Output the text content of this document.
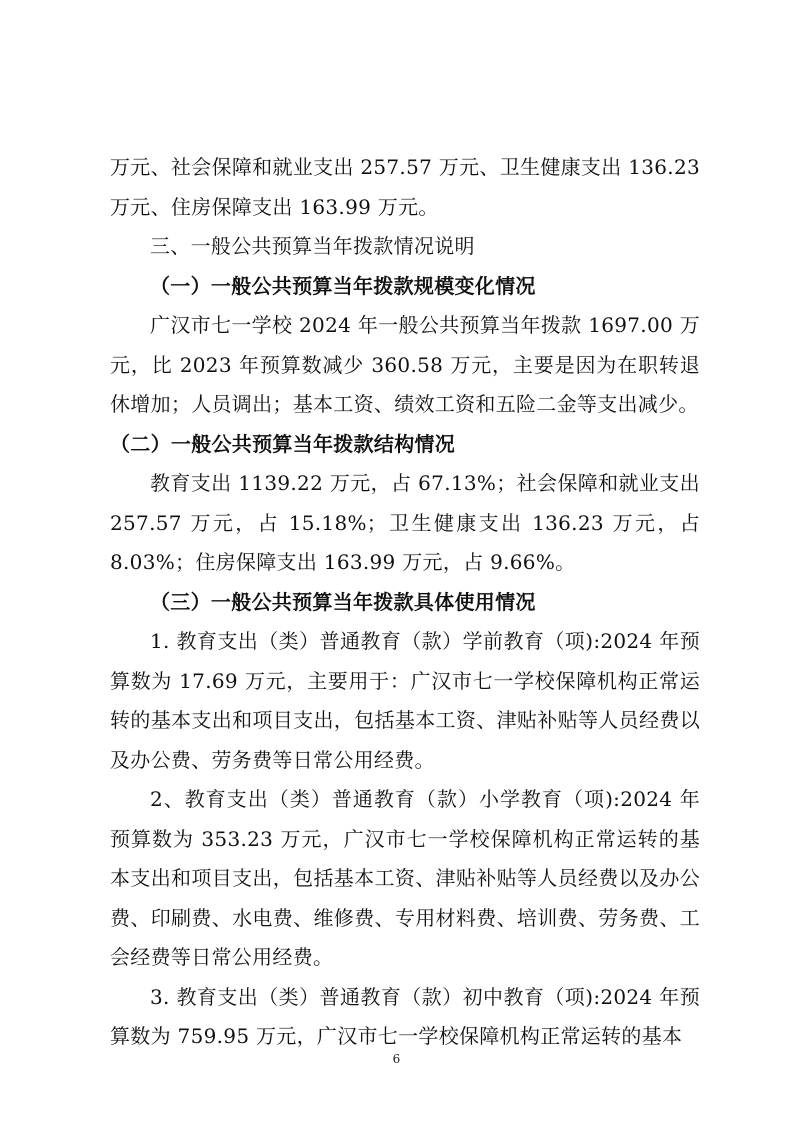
万元、社会保障和就业支出 257.57 万元、卫生健康支出 136.23 万元、住房保障支出 163.99 万元。

三、一般公共预算当年拨款情况说明

（一）一般公共预算当年拨款规模变化情况

广汉市七一学校 2024 年一般公共预算当年拨款 1697.00 万元，比 2023 年预算数减少 360.58 万元，主要是因为在职转退休增加；人员调出；基本工资、绩效工资和五险二金等支出减少。

（二）一般公共预算当年拨款结构情况

教育支出 1139.22 万元，占 67.13%；社会保障和就业支出 257.57 万元，占 15.18%；卫生健康支出 136.23 万元，占 8.03%；住房保障支出 163.99 万元，占 9.66%。

（三）一般公共预算当年拨款具体使用情况

1. 教育支出（类）普通教育（款）学前教育（项):2024 年预算数为 17.69 万元，主要用于：广汉市七一学校保障机构正常运转的基本支出和项目支出，包括基本工资、津贴补贴等人员经费以及办公费、劳务费等日常公用经费。

2、教育支出（类）普通教育（款）小学教育（项):2024 年预算数为 353.23 万元，广汉市七一学校保障机构正常运转的基本支出和项目支出，包括基本工资、津贴补贴等人员经费以及办公费、印刷费、水电费、维修费、专用材料费、培训费、劳务费、工会经费等日常公用经费。

3. 教育支出（类）普通教育（款）初中教育（项):2024 年预算数为 759.95 万元，广汉市七一学校保障机构正常运转的基本

6
